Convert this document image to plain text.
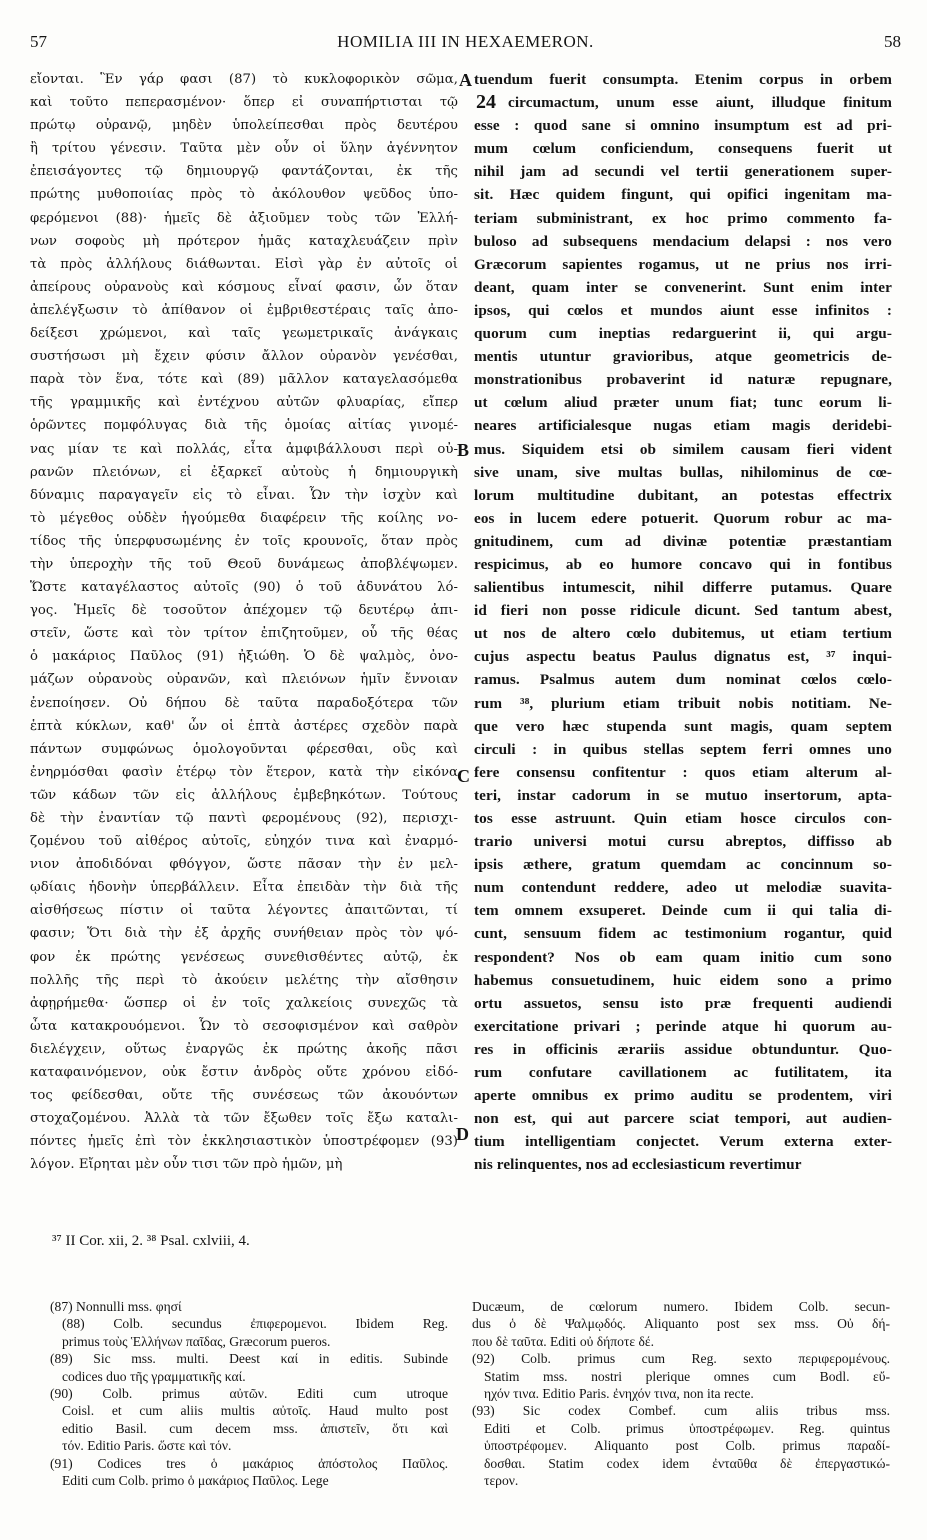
57	HOMILIA III IN HEXAEMERON.	58
εἴονται. Ἓν γάρ φασι (87) τὸ κυκλοφορικὸν σῶμα,
καὶ τοῦτο πεπερασμένον· ὅπερ εἰ συναπήρτισται τῷ
πρώτῳ οὐρανῷ, μηδὲν ὑπολείπεσθαι πρὸς δευτέρου
ἢ τρίτου γένεσιν. Ταῦτα μὲν οὖν οἱ ὕλην ἀγέννητον
ἐπεισάγοντες τῷ δημιουργῷ φαντάζονται, ἐκ τῆς
πρώτης μυθοποιίας πρὸς τὸ ἀκόλουθον ψεῦδος ὑπο-
φερόμενοι (88)· ἡμεῖς δὲ ἀξιοῦμεν τοὺς τῶν Ἑλλή-
νων σοφοὺς μὴ πρότερον ἡμᾶς καταχλευάζειν πρὶν
τὰ πρὸς ἀλλήλους διάθωνται. Εἰσὶ γὰρ ἐν αὐτοῖς οἱ
ἀπείρους οὐρανοὺς καὶ κόσμους εἶναί φασιν, ὧν ὅταν
ἀπελέγξωσιν τὸ ἀπίθανον οἱ ἐμβριθεστέραις ταῖς ἀπο-
δείξεσι χρώμενοι, καὶ ταῖς γεωμετρικαῖς ἀνάγκαις
συστήσωσι μὴ ἔχειν φύσιν ἄλλον οὐρανὸν γενέσθαι,
παρὰ τὸν ἕνα, τότε καὶ (89) μᾶλλον καταγελασόμεθα
τῆς γραμμικῆς καὶ ἐντέχνου αὐτῶν φλυαρίας, εἴπερ
ὁρῶντες πομφόλυγας διὰ τῆς ὁμοίας αἰτίας γινομέ-
νας μίαν τε καὶ πολλάς, εἶτα ἀμφιβάλλουσι περὶ οὐ-
ρανῶν πλειόνων, εἰ ἐξαρκεῖ αὐτοὺς ἡ δημιουργικὴ
δύναμις παραγαγεῖν εἰς τὸ εἶναι. Ὧν τὴν ἰσχὺν καὶ
τὸ μέγεθος οὐδὲν ἡγούμεθα διαφέρειν τῆς κοίλης νο-
τίδος τῆς ὑπερφυσωμένης ἐν τοῖς κρουνοῖς, ὅταν πρὸς
τὴν ὑπεροχὴν τῆς τοῦ Θεοῦ δυνάμεως ἀποβλέψωμεν.
Ὥστε καταγέλαστος αὐτοῖς (90) ὁ τοῦ ἀδυνάτου λό-
γος. Ἡμεῖς δὲ τοσοῦτον ἀπέχομεν τῷ δευτέρῳ ἀπι-
στεῖν, ὥστε καὶ τὸν τρίτον ἐπιζητοῦμεν, οὗ τῆς θέας
ὁ μακάριος Παῦλος (91) ἠξιώθη. Ὁ δὲ ψαλμὸς, ὀνο-
μάζων οὐρανοὺς οὐρανῶν, καὶ πλειόνων ἡμῖν ἔννοιαν
ἐνεποίησεν. Οὐ δήπου δὲ ταῦτα παραδοξότερα τῶν
ἑπτὰ κύκλων, καθ' ὧν οἱ ἑπτὰ ἀστέρες σχεδὸν παρὰ
πάντων συμφώνως ὁμολογοῦνται φέρεσθαι, οὓς καὶ
ἐνηρμόσθαι φασὶν ἑτέρῳ τὸν ἕτερον, κατὰ τὴν εἰκόνα
τῶν κάδων τῶν εἰς ἀλλήλους ἐμβεβηκότων. Τούτους
δὲ τὴν ἐναντίαν τῷ παντὶ φερομένους (92), περισχι-
ζομένου τοῦ αἰθέρος αὐτοῖς, εὐηχόν τινα καὶ ἐναρμό-
νιον ἀποδιδόναι φθόγγον, ὥστε πᾶσαν τὴν ἐν μελ-
ῳδίαις ἡδονὴν ὑπερβάλλειν. Εἶτα ἐπειδὰν τὴν διὰ τῆς
αἰσθήσεως πίστιν οἱ ταῦτα λέγοντες ἀπαιτῶνται, τί
φασιν; Ὅτι διὰ τὴν ἐξ ἀρχῆς συνήθειαν πρὸς τὸν ψό-
φον ἐκ πρώτης γενέσεως συνεθισθέντες αὐτῷ, ἐκ
πολλῆς τῆς περὶ τὸ ἀκούειν μελέτης τὴν αἴσθησιν
ἀφῃρήμεθα· ὥσπερ οἱ ἐν τοῖς χαλκείοις συνεχῶς τὰ
ὦτα κατακρουόμενοι. Ὧν τὸ σεσοφισμένον καὶ σαθρὸν
διελέγχειν, οὕτως ἐναργῶς ἐκ πρώτης ἀκοῆς πᾶσι
καταφαινόμενον, οὐκ ἔστιν ἀνδρὸς οὔτε χρόνου εἰδό-
τος φείδεσθαι, οὔτε τῆς συνέσεως τῶν ἀκουόντων
στοχαζομένου. Ἀλλὰ τὰ τῶν ἔξωθεν τοῖς ἔξω καταλι-
πόντες ἡμεῖς ἐπὶ τὸν ἐκκλησιαστικὸν ὑποστρέφομεν (93)
λόγον. Εἴρηται μὲν οὖν τισι τῶν πρὸ ἡμῶν, μὴ
tuendum fuerit consumpta. Etenim corpus in orbem
circumactum, unum esse aiunt, illudque finitum
esse : quod sane si omnino insumptum est ad pri-
mum cœlum conficiendum, consequens fuerit ut
nihil jam ad secundi vel tertii generationem super-
sit. Hæc quidem fingunt, qui opifici ingenitam ma-
teriam subministrant, ex hoc primo commento fa-
buloso ad subsequens mendacium delapsi : nos vero
Græcorum sapientes rogamus, ut ne prius nos irri-
deant, quam inter se convenerint. Sunt enim inter
ipsos, qui cœlos et mundos aiunt esse infinitos :
quorum cum ineptias redarguerint ii, qui argu-
mentis utuntur gravioribus, atque geometricis de-
monstrationibus probaverint id naturæ repugnare,
ut cœlum aliud præter unum fiat; tunc eorum li-
neares artificialesque nugas etiam magis deridebi-
mus. Siquidem etsi ob similem causam fieri vident
sive unam, sive multas bullas, nihilominus de cœ-
lorum multitudine dubitant, an potestas effectrix
eos in lucem edere potuerit. Quorum robur ac ma-
gnitudinem, cum ad divinæ potentiæ præstantiam
respicimus, ab eo humore concavo qui in fontibus
salientibus intumescit, nihil differre putamus. Quare
id fieri non posse ridicule dicunt. Sed tantum abest,
ut nos de altero cœlo dubitemus, ut etiam tertium
cujus aspectu beatus Paulus dignatus est, ³⁷ inqui-
ramus. Psalmus autem dum nominat cœlos cœlo-
rum ³⁸, plurium etiam tribuit nobis notitiam. Ne-
que vero hæc stupenda sunt magis, quam septem
circuli : in quibus stellas septem ferri omnes uno
fere consensu confitentur : quos etiam alterum al-
teri, instar cadorum in se mutuo insertorum, apta-
tos esse astruunt. Quin etiam hosce circulos con-
trario universi motui cursu abreptos, diffisso ab
ipsis æthere, gratum quemdam ac concinnum so-
num contendunt reddere, adeo ut melodiæ suavita-
tem omnem exsuperet. Deinde cum ii qui talia di-
cunt, sensuum fidem ac testimonium rogantur, quid
respondent? Nos ob eam quam initio cum sono
habemus consuetudinem, huic eidem sono a primo
ortu assuetos, sensu isto præ frequenti audiendi
exercitatione privari ; perinde atque hi quorum au-
res in officinis ærariis assidue obtunduntur. Quo-
rum confutare cavillationem ac futilitatem, ita
aperte omnibus ex primo auditu se prodentem, viri
non est, qui aut parcere sciat tempori, aut audien-
tium intelligentiam conjectet. Verum externa exter-
nis relinquentes, nos ad ecclesiasticum revertimur
A
B
C
D
24
³⁷ II Cor. xii, 2. ³⁸ Psal. cxlviii, 4.
(87) Nonnulli mss. φησί
(88) Colb. secundus ἐπιφερομενοι. Ibidem Reg.
primus τοὺς Ἑλλήνων παῖδας, Græcorum pueros.
(89) Sic mss. multi. Deest καί in editis. Subinde
codices duo τῆς γραμματικῆς καί.
(90) Colb. primus αὐτῶν. Editi cum utroque
Coisl. et cum aliis multis αὐτοῖς. Haud multo post
editio Basil. cum decem mss. ἀπιστεῖν, ὅτι καὶ
τόν. Editio Paris. ὥστε καὶ τόν.
(91) Codices tres ὁ μακάριος ἀπόστολος Παῦλος.
Editi cum Colb. primo ὁ μακάριος Παῦλος. Lege
Ducæum, de cœlorum numero. Ibidem Colb. secun-
dus ὁ δὲ Ψαλμῳδός. Aliquanto post sex mss. Οὐ δή-
που δὲ ταῦτα. Editi οὐ δήποτε δέ.
(92) Colb. primus cum Reg. sexto περιφερομένους.
Statim mss. nostri plerique omnes cum Bodl. εὔ-
ηχόν τινα. Editio Paris. ἐνηχόν τινα, non ita recte.
(93) Sic codex Combef. cum aliis tribus mss.
Editi et Colb. primus ὑποστρέφωμεν. Reg. quintus
ὑποστρέφομεν. Aliquanto post Colb. primus παραδί-
δοσθαι. Statim codex idem ἐνταῦθα δὲ ἐπεργαστικώ-
τερον.
